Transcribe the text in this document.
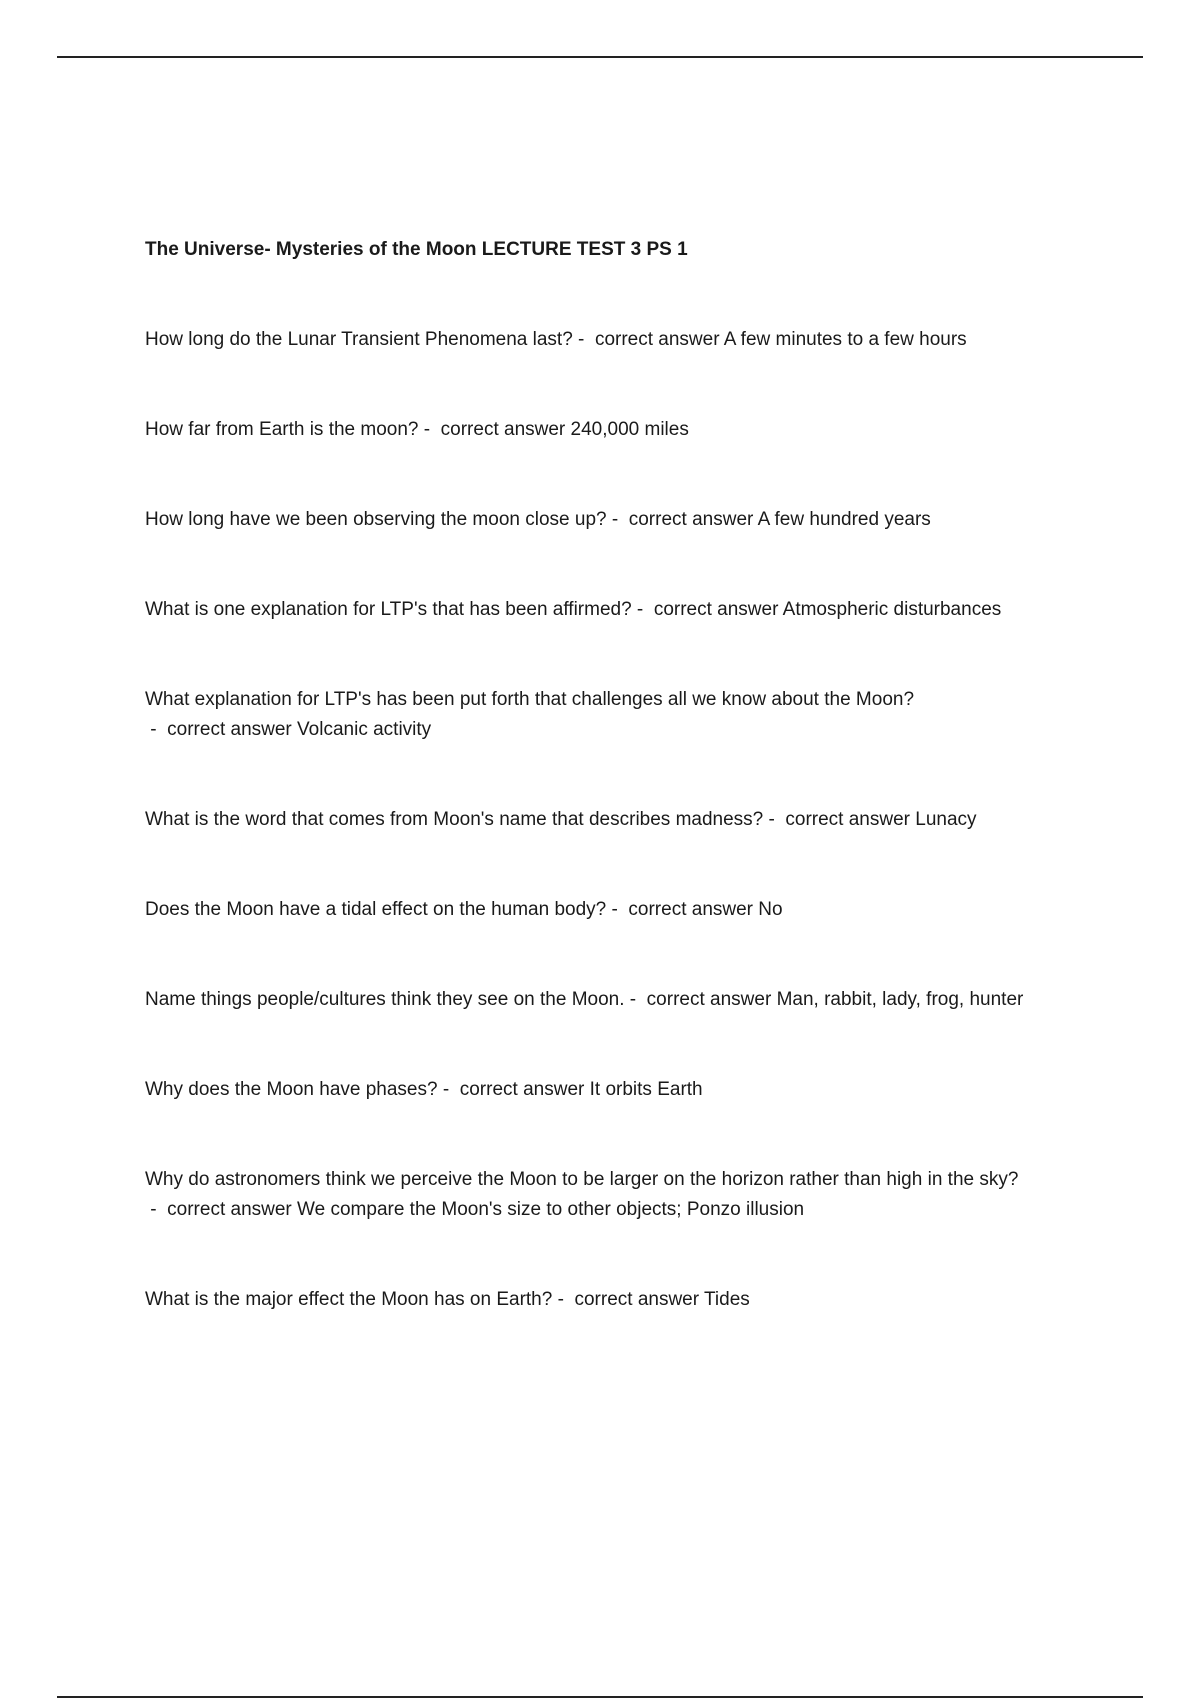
The Universe- Mysteries of the Moon LECTURE TEST 3 PS 1
How long do the Lunar Transient Phenomena last? -  correct answer A few minutes to a few hours
How far from Earth is the moon? -  correct answer 240,000 miles
How long have we been observing the moon close up? -  correct answer A few hundred years
What is one explanation for LTP's that has been affirmed? -  correct answer Atmospheric disturbances
What explanation for LTP's has been put forth that challenges all we know about the Moon? -  correct answer Volcanic activity
What is the word that comes from Moon's name that describes madness? -  correct answer Lunacy
Does the Moon have a tidal effect on the human body? -  correct answer No
Name things people/cultures think they see on the Moon. -  correct answer Man, rabbit, lady, frog, hunter
Why does the Moon have phases? -  correct answer It orbits Earth
Why do astronomers think we perceive the Moon to be larger on the horizon rather than high in the sky? -  correct answer We compare the Moon's size to other objects; Ponzo illusion
What is the major effect the Moon has on Earth? -  correct answer Tides
